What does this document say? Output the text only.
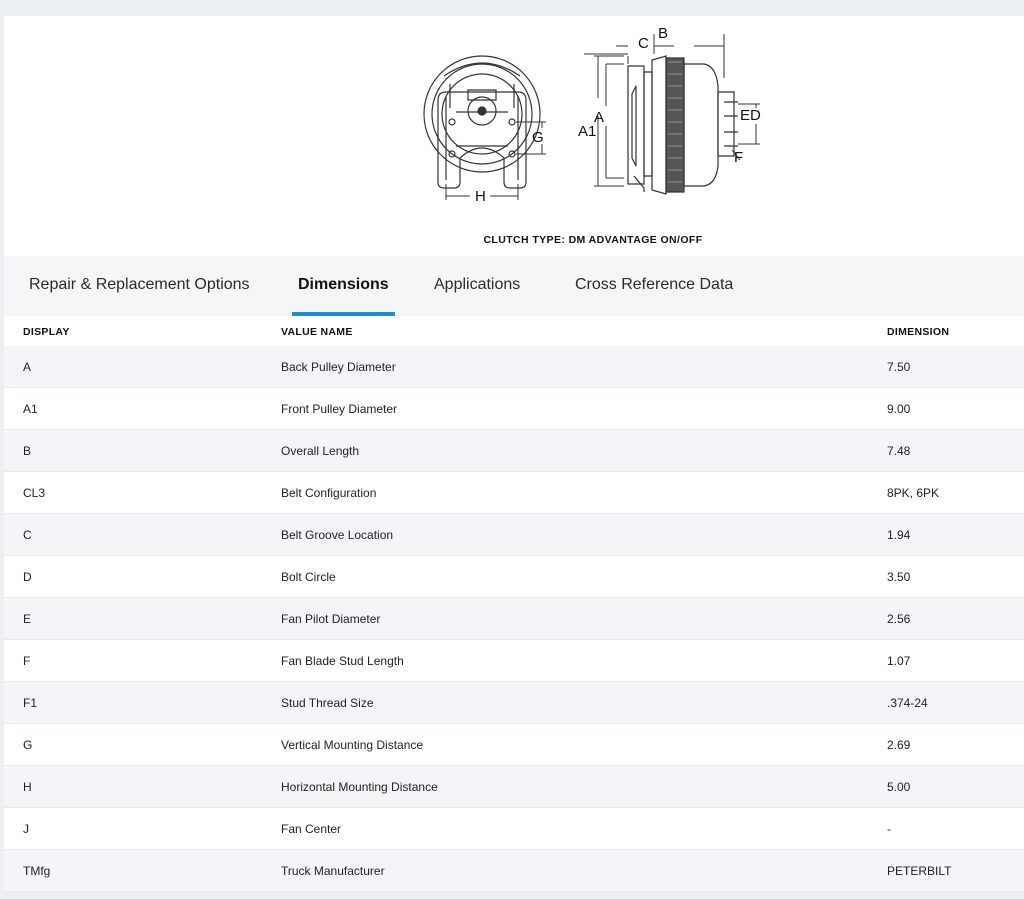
H
G
A
A1
B
C
E D
F
CLUTCH TYPE: DM ADVANTAGE ON/OFF
Repair & Replacement Options	Dimensions	Applications	Cross Reference Data
DISPLAY	VALUE NAME	DIMENSION
A	Back Pulley Diameter	7.50
A1	Front Pulley Diameter	9.00
B	Overall Length	7.48
CL3	Belt Configuration	8PK, 6PK
C	Belt Groove Location	1.94
D	Bolt Circle	3.50
E	Fan Pilot Diameter	2.56
F	Fan Blade Stud Length	1.07
F1	Stud Thread Size	.374-24
G	Vertical Mounting Distance	2.69
H	Horizontal Mounting Distance	5.00
J	Fan Center	-
TMfg	Truck Manufacturer	PETERBILT
